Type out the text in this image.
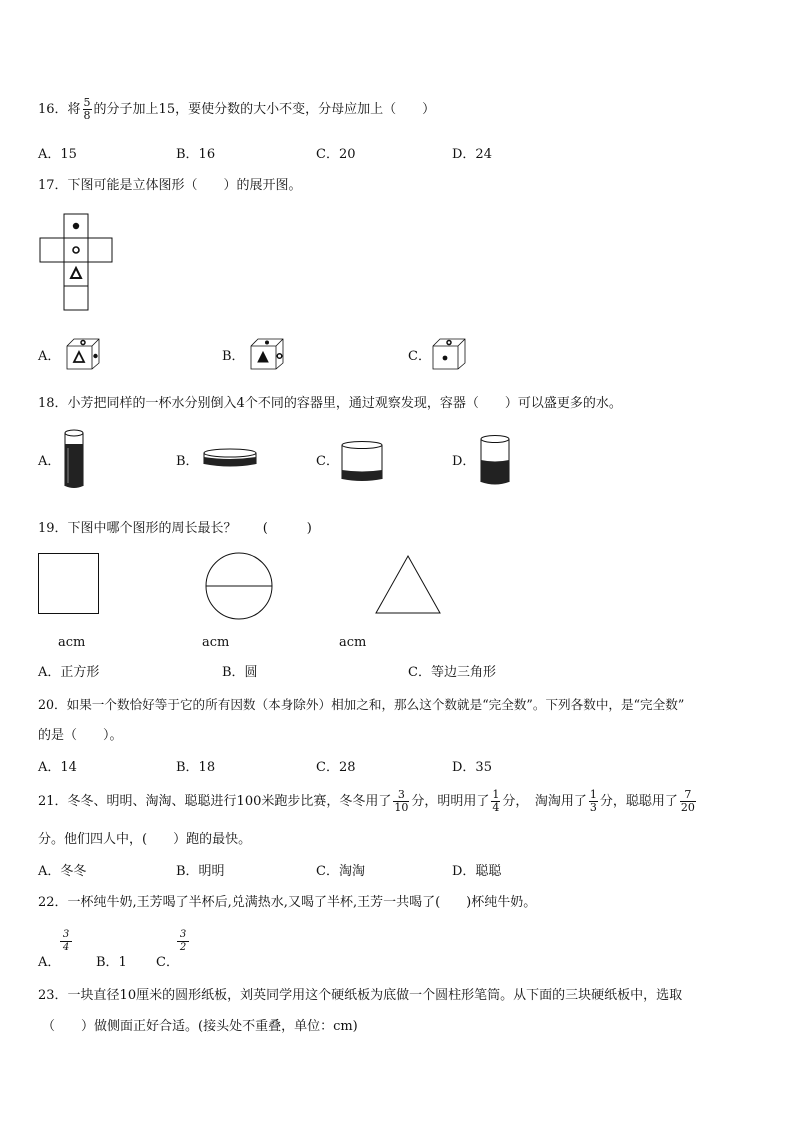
16．将 $\frac{5}{8}$ 的分子加上15，要使分数的大小不变，分母应加上（　　）
A．15	B．16	C．20	D．24
17．下图可能是立体图形（　　）的展开图。
A．	B．	C．
18．小芳把同样的一杯水分别倒入4个不同的容器里，通过观察发现，容器（　　）可以盛更多的水。
A．	B．	C．	D．
19．下图中哪个图形的周长最长？ (　　　)
acm	acm	acm
A．正方形	B．圆	C．等边三角形
20．如果一个数恰好等于它的所有因数（本身除外）相加之和，那么这个数就是“完全数”。下列各数中，是“完全数”
的是（　　）。
A．14	B．18	C．28	D．35
21．冬冬、明明、淘淘、聪聪进行100米跑步比赛，冬冬用了 $\frac{3}{10}$ 分，明明用了 $\frac{1}{4}$ 分，　淘淘用了 $\frac{1}{3}$ 分，聪聪用了 $\frac{7}{20}$
分。他们四人中，(　　）跑的最快。
A．冬冬	B．明明	C．淘淘	D．聪聪
22．一杯纯牛奶,王芳喝了半杯后,兑满热水,又喝了半杯,王芳一共喝了(　　)杯纯牛奶。
A．
3
4
B．1 C．
3
2
23．一块直径10厘米的圆形纸板，刘英同学用这个硬纸板为底做一个圆柱形笔筒。从下面的三块硬纸板中，选取
（　　）做侧面正好合适。(接头处不重叠，单位：cm)
